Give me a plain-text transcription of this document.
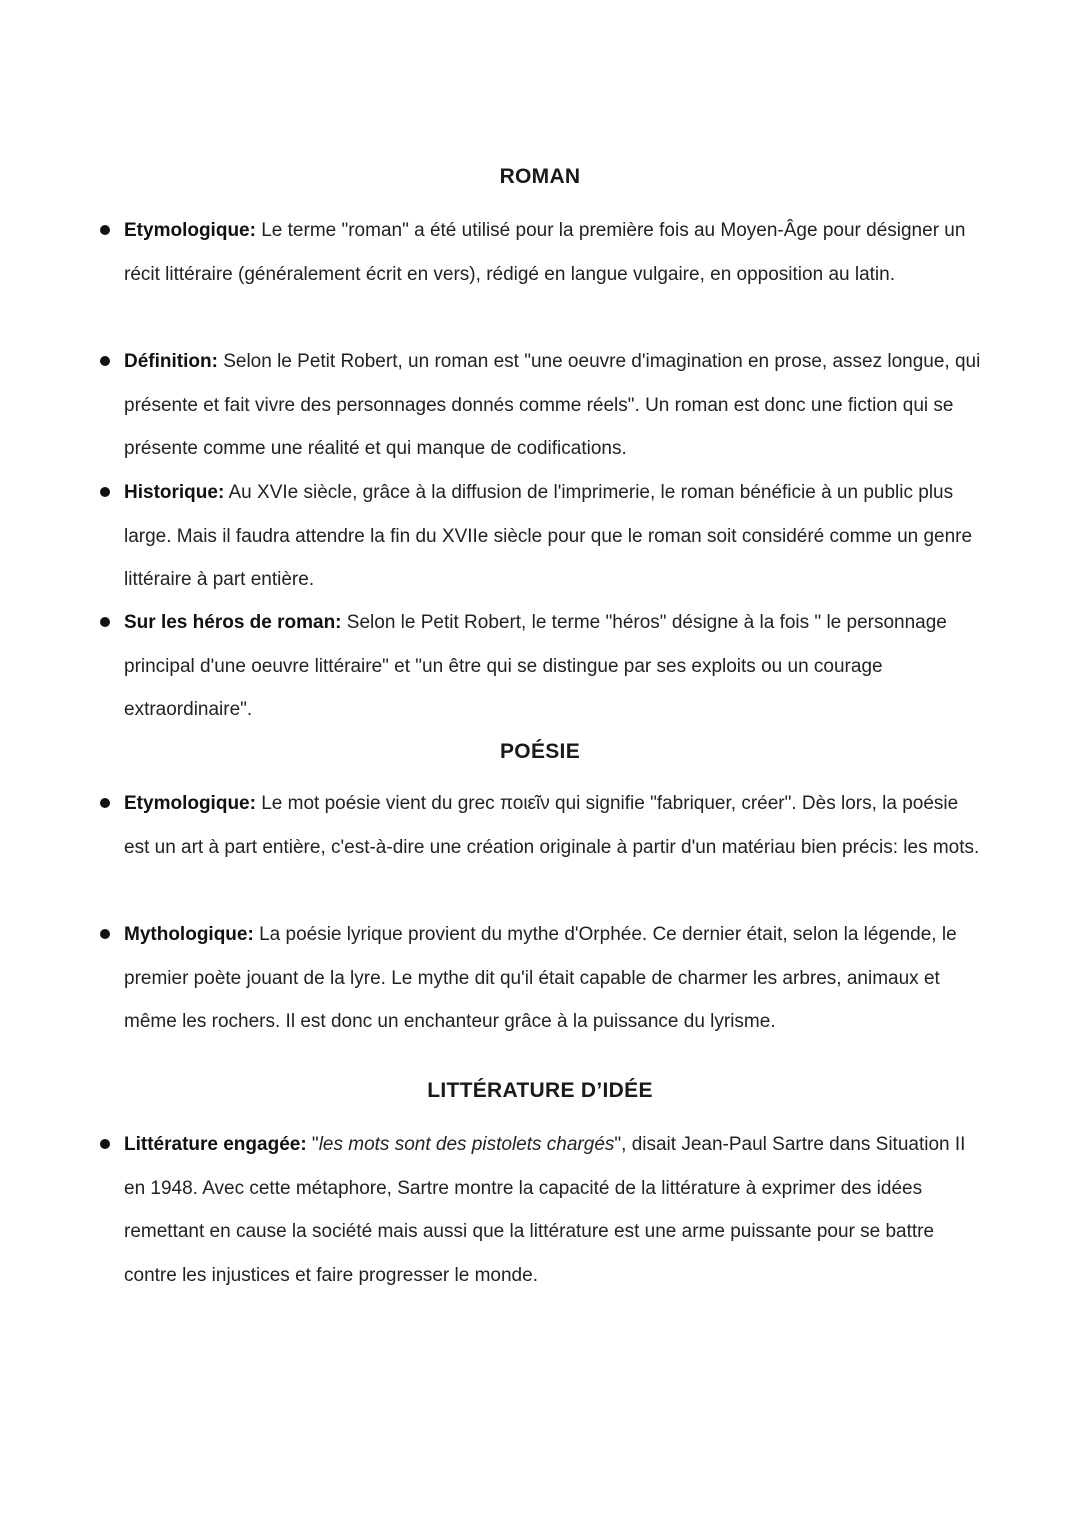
ROMAN
Etymologique: Le terme "roman" a été utilisé pour la première fois au Moyen-Âge pour désigner un récit littéraire (généralement écrit en vers), rédigé en langue vulgaire, en opposition au latin.
Définition: Selon le Petit Robert, un roman est "une oeuvre d'imagination en prose, assez longue, qui présente et fait vivre des personnages donnés comme réels". Un roman est donc une fiction qui se présente comme une réalité et qui manque de codifications.
Historique: Au XVIe siècle, grâce à la diffusion de l'imprimerie, le roman bénéficie à un public plus large. Mais il faudra attendre la fin du XVIIe siècle pour que le roman soit considéré comme un genre littéraire à part entière.
Sur les héros de roman: Selon le Petit Robert, le terme "héros" désigne à la fois " le personnage principal d'une oeuvre littéraire" et "un être qui se distingue par ses exploits ou un courage extraordinaire".
POÉSIE
Etymologique: Le mot poésie vient du grec ποιεῖν qui signifie "fabriquer, créer". Dès lors, la poésie est un art à part entière, c'est-à-dire une création originale à partir d'un matériau bien précis: les mots.
Mythologique: La poésie lyrique provient du mythe d'Orphée. Ce dernier était, selon la légende, le premier poète jouant de la lyre. Le mythe dit qu'il était capable de charmer les arbres, animaux et même les rochers. Il est donc un enchanteur grâce à la puissance du lyrisme.
LITTÉRATURE D’IDÉE
Littérature engagée: "les mots sont des pistolets chargés", disait Jean-Paul Sartre dans Situation II en 1948. Avec cette métaphore, Sartre montre la capacité de la littérature à exprimer des idées remettant en cause la société mais aussi que la littérature est une arme puissante pour se battre contre les injustices et faire progresser le monde.
